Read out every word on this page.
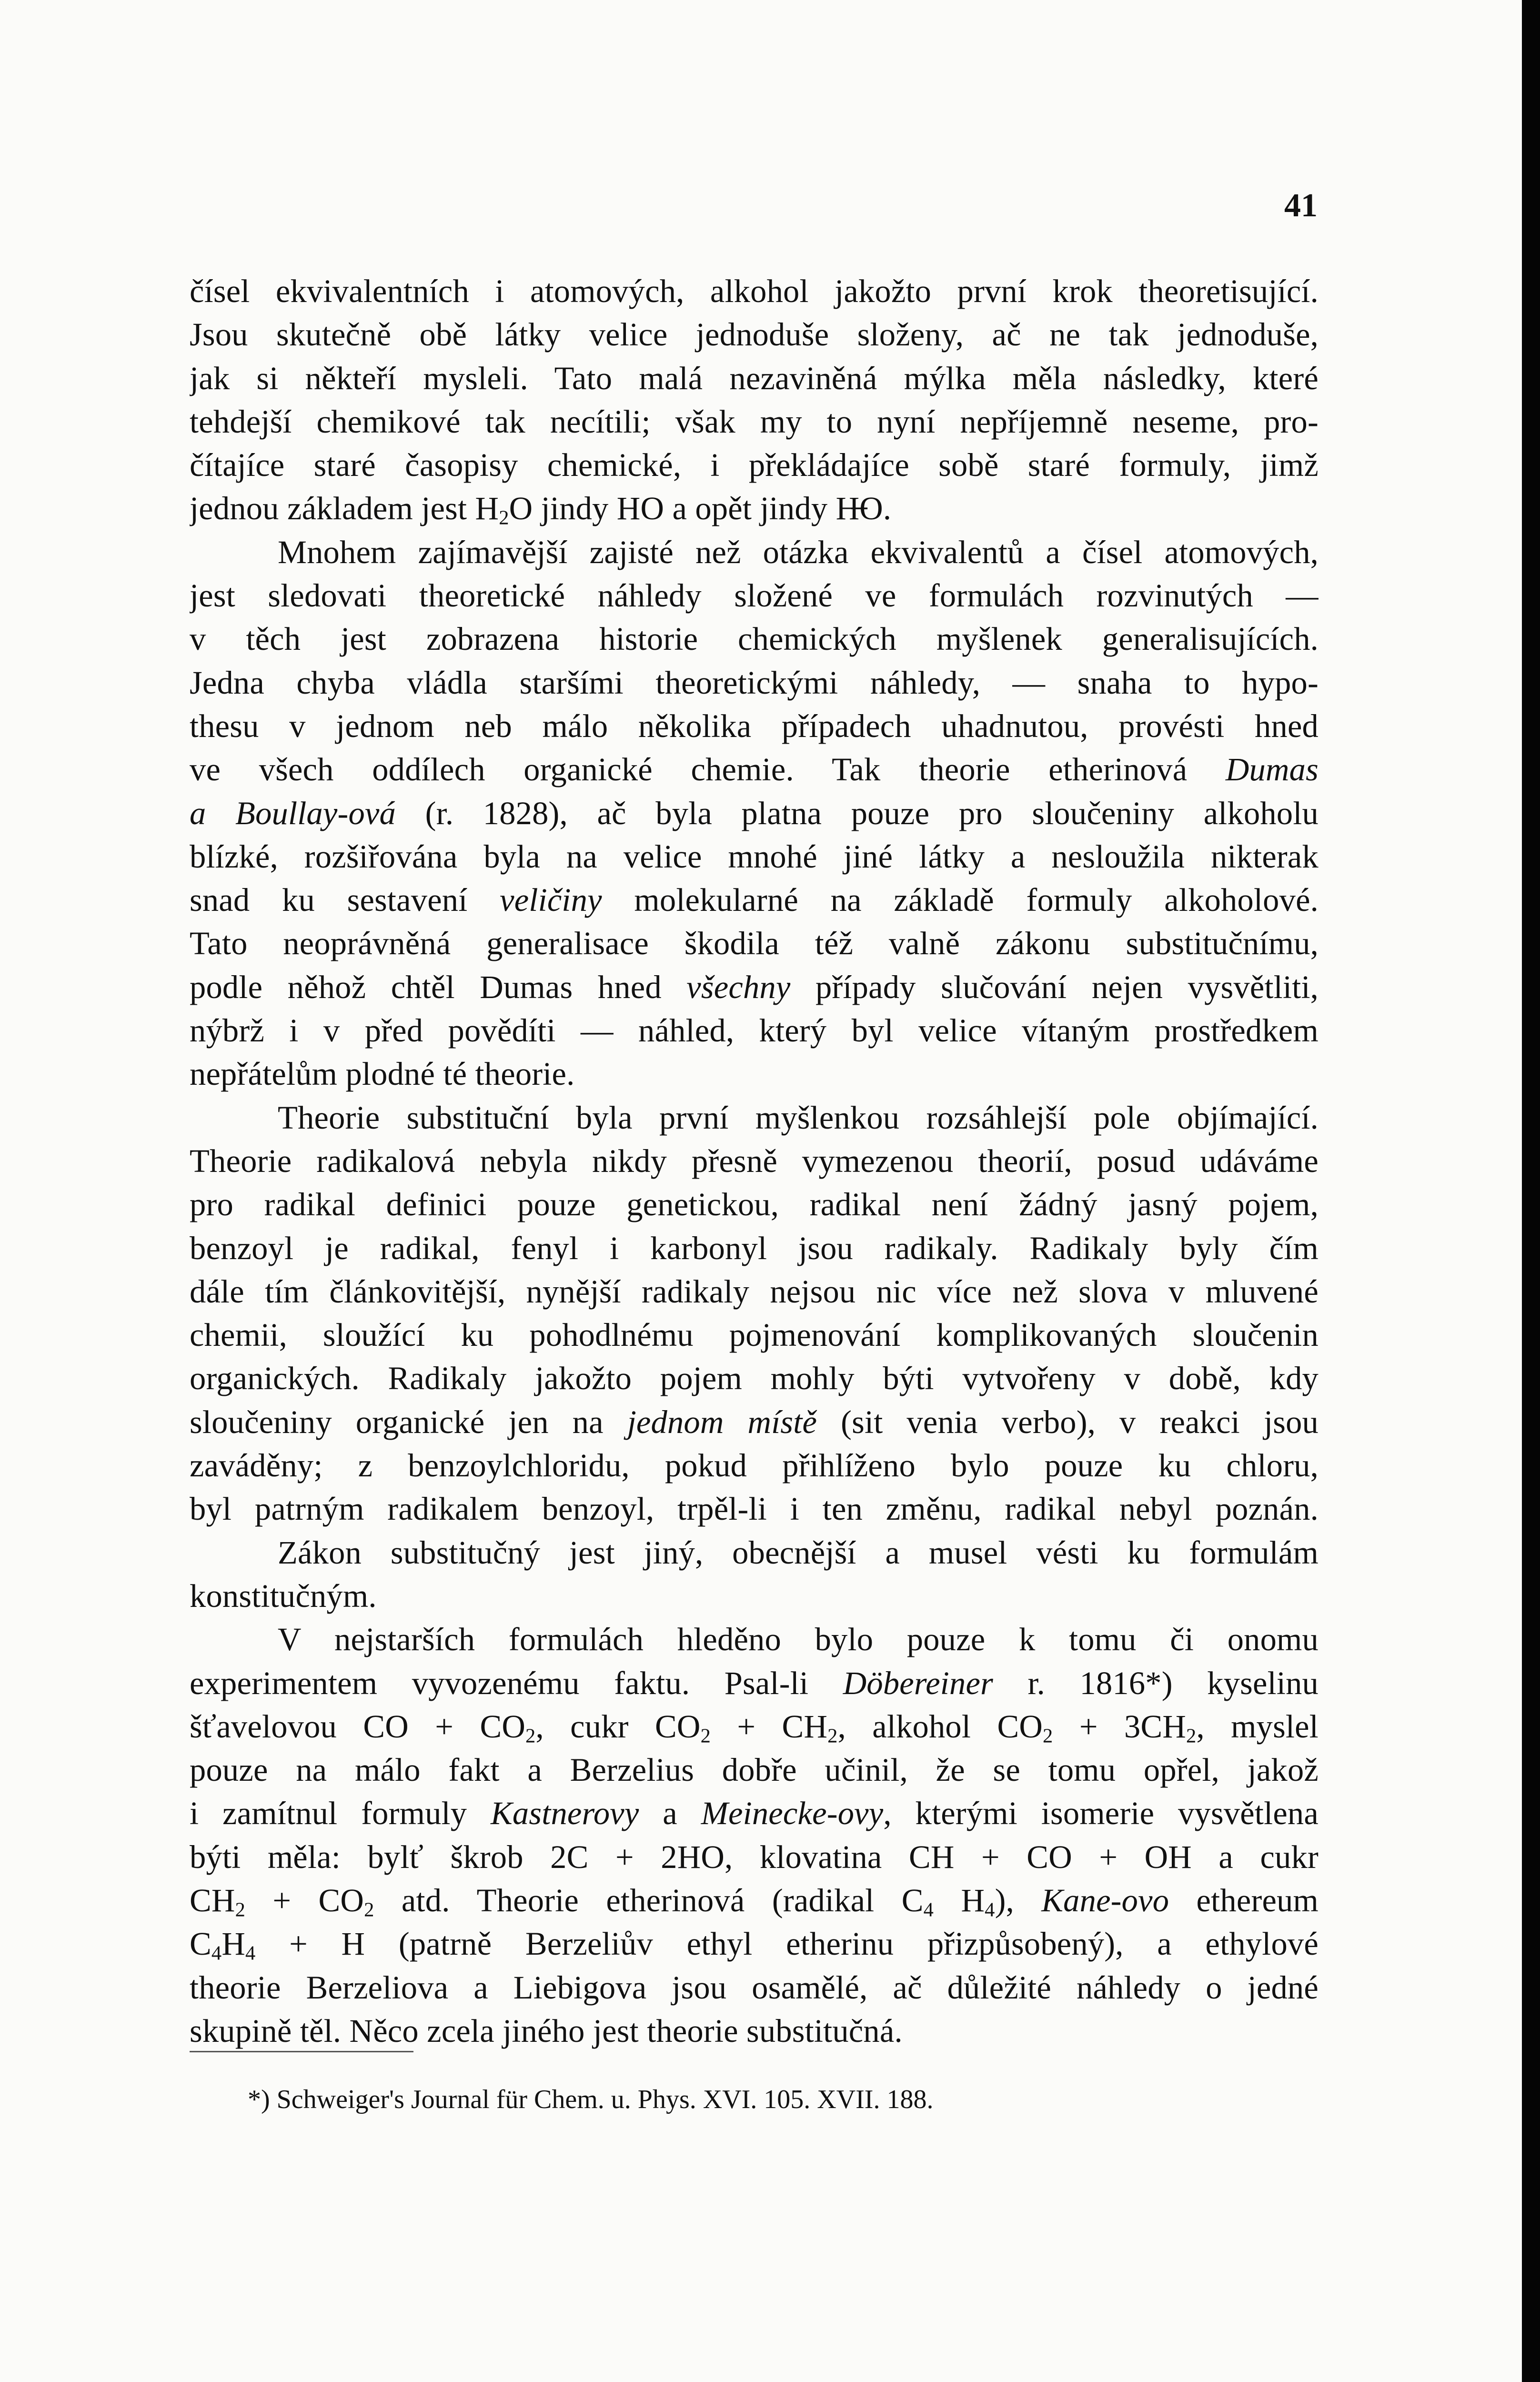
41
čísel ekvivalentních i atomových, alkohol jakožto první krok theoretisující.
Jsou skutečně obě látky velice jednoduše složeny, ač ne tak jednoduše,
jak si někteří mysleli. Tato malá nezaviněná mýlka měla následky, které
tehdejší chemikové tak necítili; však my to nyní nepříjemně neseme, pro-
čítajíce staré časopisy chemické, i překládajíce sobě staré formuly, jimž
jednou základem jest $H_2O$ jindy HO a opět jindy H̶O.
Mnohem zajímavější zajisté než otázka ekvivalentů a čísel atomových,
jest sledovati theoretické náhledy složené ve formulách rozvinutých —
v těch jest zobrazena historie chemických myšlenek generalisujících.
Jedna chyba vládla staršími theoretickými náhledy, — snaha to hypo-
thesu v jednom neb málo několika případech uhadnutou, provésti hned
ve všech oddílech organické chemie. Tak theorie etherinová Dumas
a Boullay-ová (r. 1828), ač byla platna pouze pro sloučeniny alkoholu
blízké, rozšiřována byla na velice mnohé jiné látky a nesloužila nikterak
snad ku sestavení veličiny molekularné na základě formuly alkoholové.
Tato neoprávněná generalisace škodila též valně zákonu substitučnímu,
podle něhož chtěl Dumas hned všechny případy slučování nejen vysvětliti,
nýbrž i v před povědíti — náhled, který byl velice vítaným prostředkem
nepřátelům plodné té theorie.
Theorie substituční byla první myšlenkou rozsáhlejší pole objímající.
Theorie radikalová nebyla nikdy přesně vymezenou theorií, posud udáváme
pro radikal definici pouze genetickou, radikal není žádný jasný pojem,
benzoyl je radikal, fenyl i karbonyl jsou radikaly. Radikaly byly čím
dále tím článkovitější, nynější radikaly nejsou nic více než slova v mluvené
chemii, sloužící ku pohodlnému pojmenování komplikovaných sloučenin
organických. Radikaly jakožto pojem mohly býti vytvořeny v době, kdy
sloučeniny organické jen na jednom místě (sit venia verbo), v reakci jsou
zaváděny; z benzoylchloridu, pokud přihlíženo bylo pouze ku chloru,
byl patrným radikalem benzoyl, trpěl-li i ten změnu, radikal nebyl poznán.
Zákon substitučný jest jiný, obecnější a musel vésti ku formulám
konstitučným.
V nejstarších formulách hleděno bylo pouze k tomu či onomu
experimentem vyvozenému faktu. Psal-li Döbereiner r. 1816*) kyselinu
šťavelovou CO + $CO_2$, cukr $CO_2 + CH_2$, alkohol $CO_2 + 3CH_2$, myslel
pouze na málo fakt a Berzelius dobře učinil, že se tomu opřel, jakož
i zamítnul formuly Kastnerovy a Meinecke-ovy, kterými isomerie vysvětlena
býti měla: bylť škrob 2C + 2HO, klovatina CH + CO + OH a cukr
$CH_2 + CO_2$ atd. Theorie etherinová (radikal $C_4$ $H_4$), Kane-ovo ethereum
$C_4H_4 + H$ (patrně Berzeliův ethyl etherinu přizpůsobený), a ethylové
theorie Berzeliova a Liebigova jsou osamělé, ač důležité náhledy o jedné
skupině těl. Něco zcela jiného jest theorie substitučná.
*) Schweiger's Journal für Chem. u. Phys. XVI. 105. XVII. 188.
